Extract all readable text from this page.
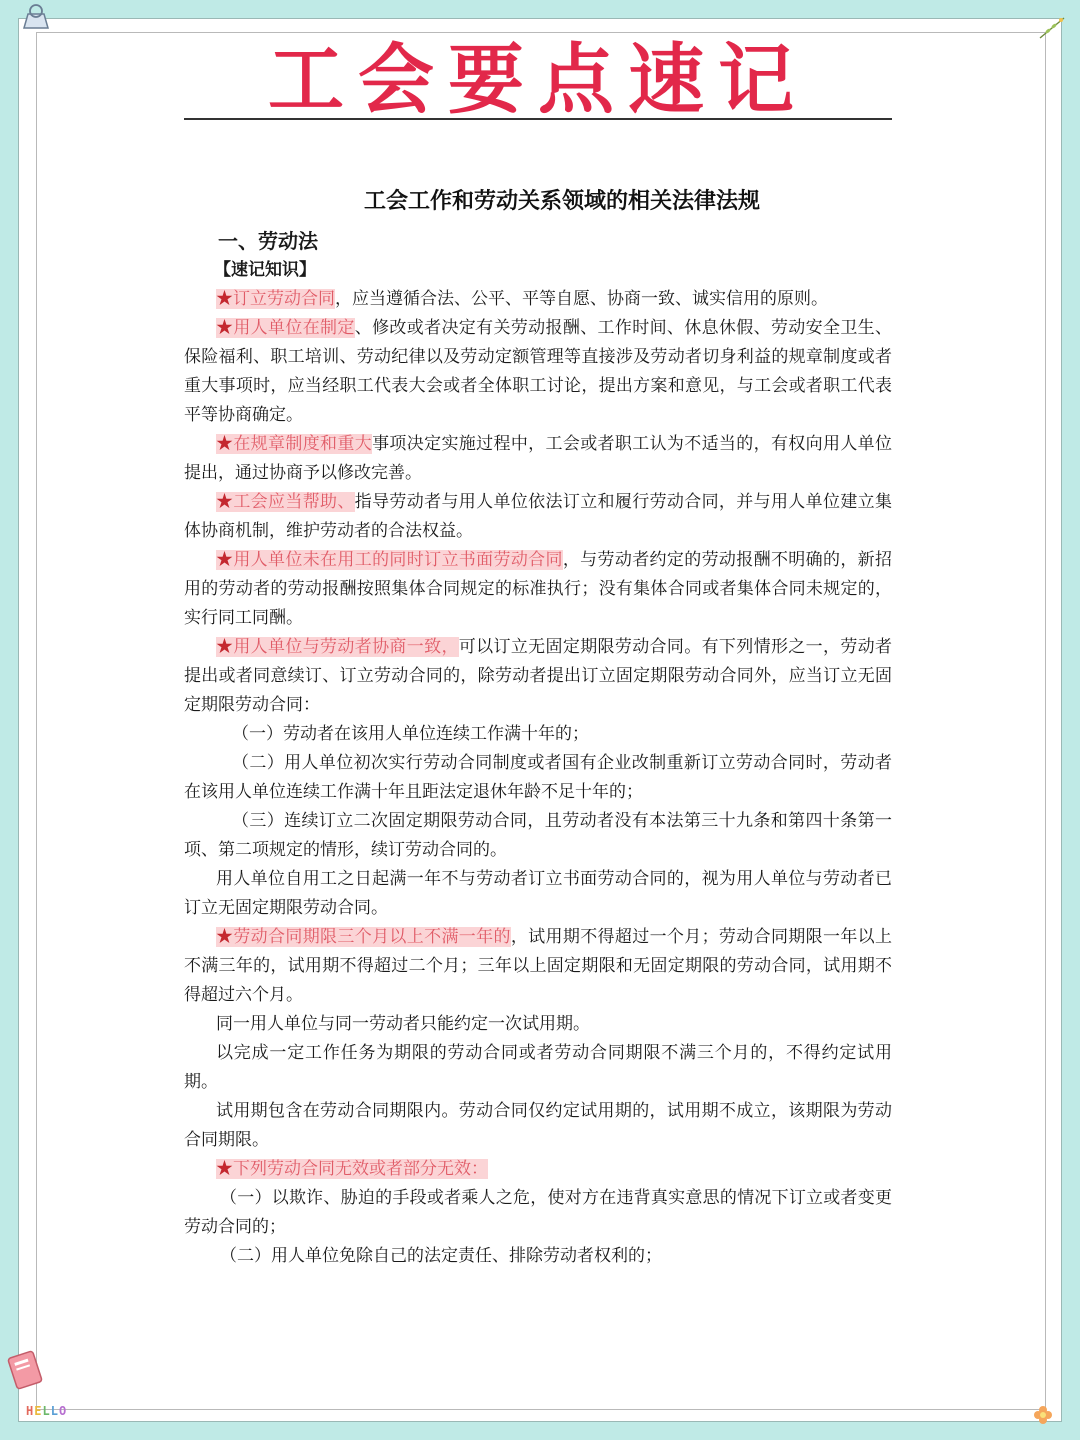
HELLO
工会要点速记
工会工作和劳动关系领域的相关法律法规

一、劳动法

【速记知识】

★订立劳动合同，应当遵循合法、公平、平等自愿、协商一致、诚实信用的原则。

★用人单位在制定、修改或者决定有关劳动报酬、工作时间、休息休假、劳动安全卫生、保险福利、职工培训、劳动纪律以及劳动定额管理等直接涉及劳动者切身利益的规章制度或者重大事项时，应当经职工代表大会或者全体职工讨论，提出方案和意见，与工会或者职工代表平等协商确定。

★在规章制度和重大事项决定实施过程中，工会或者职工认为不适当的，有权向用人单位提出，通过协商予以修改完善。

★工会应当帮助、指导劳动者与用人单位依法订立和履行劳动合同，并与用人单位建立集体协商机制，维护劳动者的合法权益。

★用人单位未在用工的同时订立书面劳动合同，与劳动者约定的劳动报酬不明确的，新招用的劳动者的劳动报酬按照集体合同规定的标准执行；没有集体合同或者集体合同未规定的，实行同工同酬。

★用人单位与劳动者协商一致，可以订立无固定期限劳动合同。有下列情形之一，劳动者提出或者同意续订、订立劳动合同的，除劳动者提出订立固定期限劳动合同外，应当订立无固定期限劳动合同：

（一）劳动者在该用人单位连续工作满十年的；

（二）用人单位初次实行劳动合同制度或者国有企业改制重新订立劳动合同时，劳动者在该用人单位连续工作满十年且距法定退休年龄不足十年的；

（三）连续订立二次固定期限劳动合同，且劳动者没有本法第三十九条和第四十条第一项、第二项规定的情形，续订劳动合同的。

用人单位自用工之日起满一年不与劳动者订立书面劳动合同的，视为用人单位与劳动者已订立无固定期限劳动合同。

★劳动合同期限三个月以上不满一年的，试用期不得超过一个月；劳动合同期限一年以上不满三年的，试用期不得超过二个月；三年以上固定期限和无固定期限的劳动合同，试用期不得超过六个月。

同一用人单位与同一劳动者只能约定一次试用期。

以完成一定工作任务为期限的劳动合同或者劳动合同期限不满三个月的，不得约定试用期。

试用期包含在劳动合同期限内。劳动合同仅约定试用期的，试用期不成立，该期限为劳动合同期限。

★下列劳动合同无效或者部分无效：

（一）以欺诈、胁迫的手段或者乘人之危，使对方在违背真实意思的情况下订立或者变更劳动合同的；

（二）用人单位免除自己的法定责任、排除劳动者权利的；
